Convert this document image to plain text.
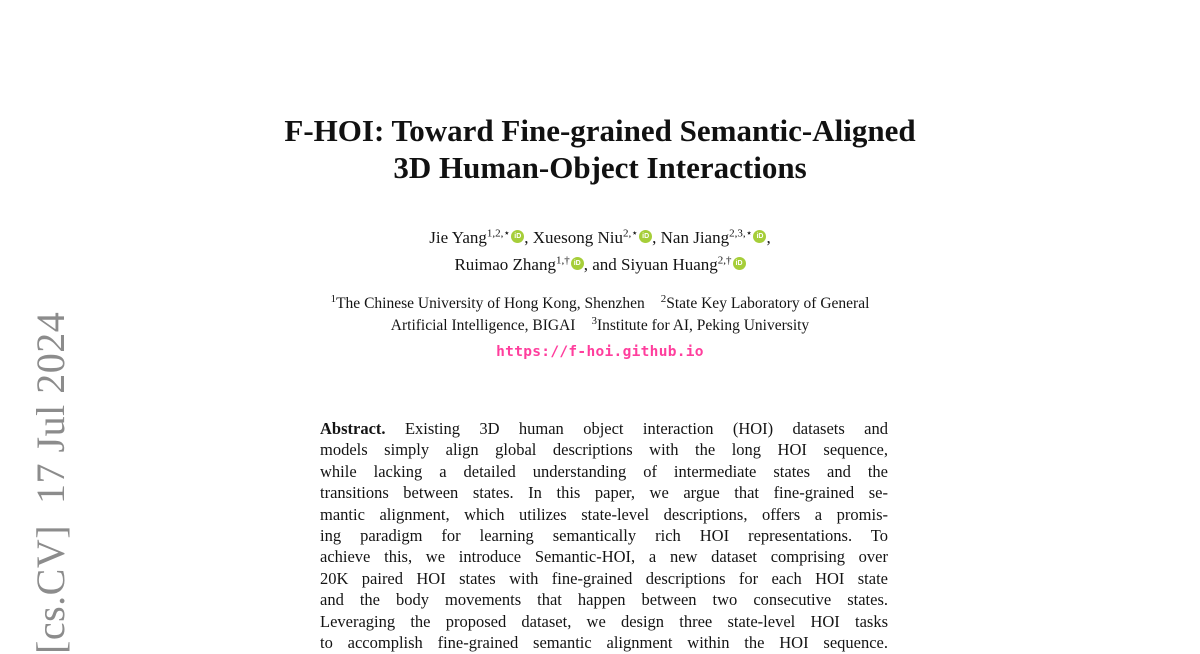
[cs.CV]  17 Jul 2024
F-HOI: Toward Fine-grained Semantic-Aligned
3D Human-Object Interactions
Jie Yang$^{1,2,⋆}$ iD , Xuesong Niu$^{2,⋆}$ iD , Nan Jiang$^{2,3,⋆}$ iD ,
Ruimao Zhang$^{1,\dagger}$ iD , and Siyuan Huang$^{2,\dagger}$ iD
$^1$The Chinese University of Hong Kong, Shenzhen $^2$State Key Laboratory of General
Artificial Intelligence, BIGAI $^3$Institute for AI, Peking University
https://f-hoi.github.io
Abstract. Existing 3D human object interaction (HOI) datasets and
models simply align global descriptions with the long HOI sequence,
while lacking a detailed understanding of intermediate states and the
transitions between states. In this paper, we argue that fine-grained se-
mantic alignment, which utilizes state-level descriptions, offers a promis-
ing paradigm for learning semantically rich HOI representations. To
achieve this, we introduce Semantic-HOI, a new dataset comprising over
20K paired HOI states with fine-grained descriptions for each HOI state
and the body movements that happen between two consecutive states.
Leveraging the proposed dataset, we design three state-level HOI tasks
to accomplish fine-grained semantic alignment within the HOI sequence.
